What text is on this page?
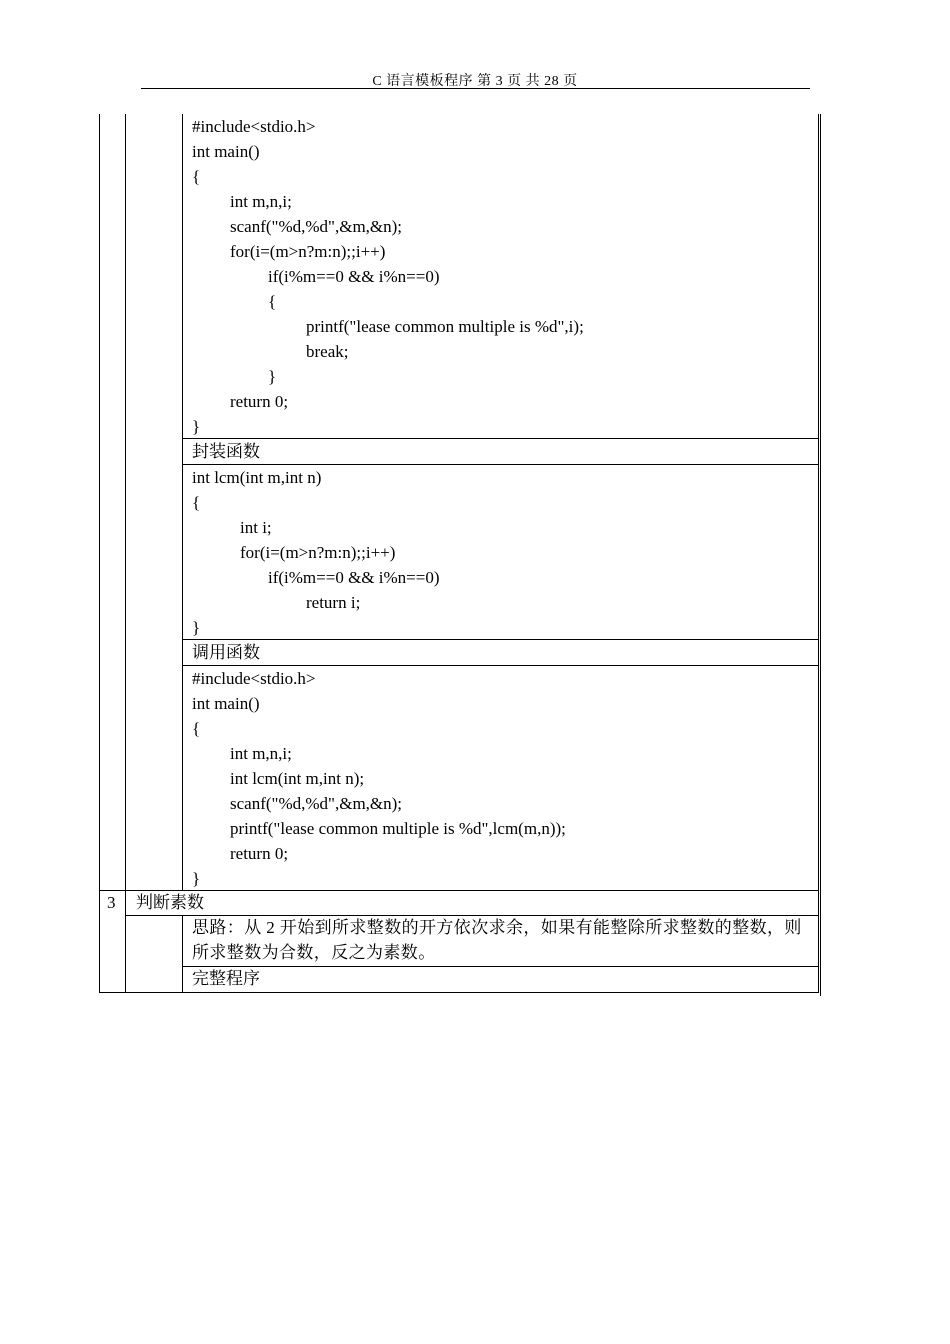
C 语言模板程序 第 3 页 共 28 页
#include<stdio.h>
int main()
{
int m,n,i;
scanf("%d,%d",&m,&n);
for(i=(m>n?m:n);;i++)
if(i%m==0 && i%n==0)
{
printf("lease common multiple is %d",i);
break;
}
return 0;
}
封装函数
int lcm(int m,int n)
{
int i;
for(i=(m>n?m:n);;i++)
if(i%m==0 && i%n==0)
return i;
}
调用函数
#include<stdio.h>
int main()
{
int m,n,i;
int lcm(int m,int n);
scanf("%d,%d",&m,&n);
printf("lease common multiple is %d",lcm(m,n));
return 0;
}
3 判断素数
思路：从 2 开始到所求整数的开方依次求余，如果有能整除所求整数的整数，则所求整数为合数，反之为素数。
完整程序
